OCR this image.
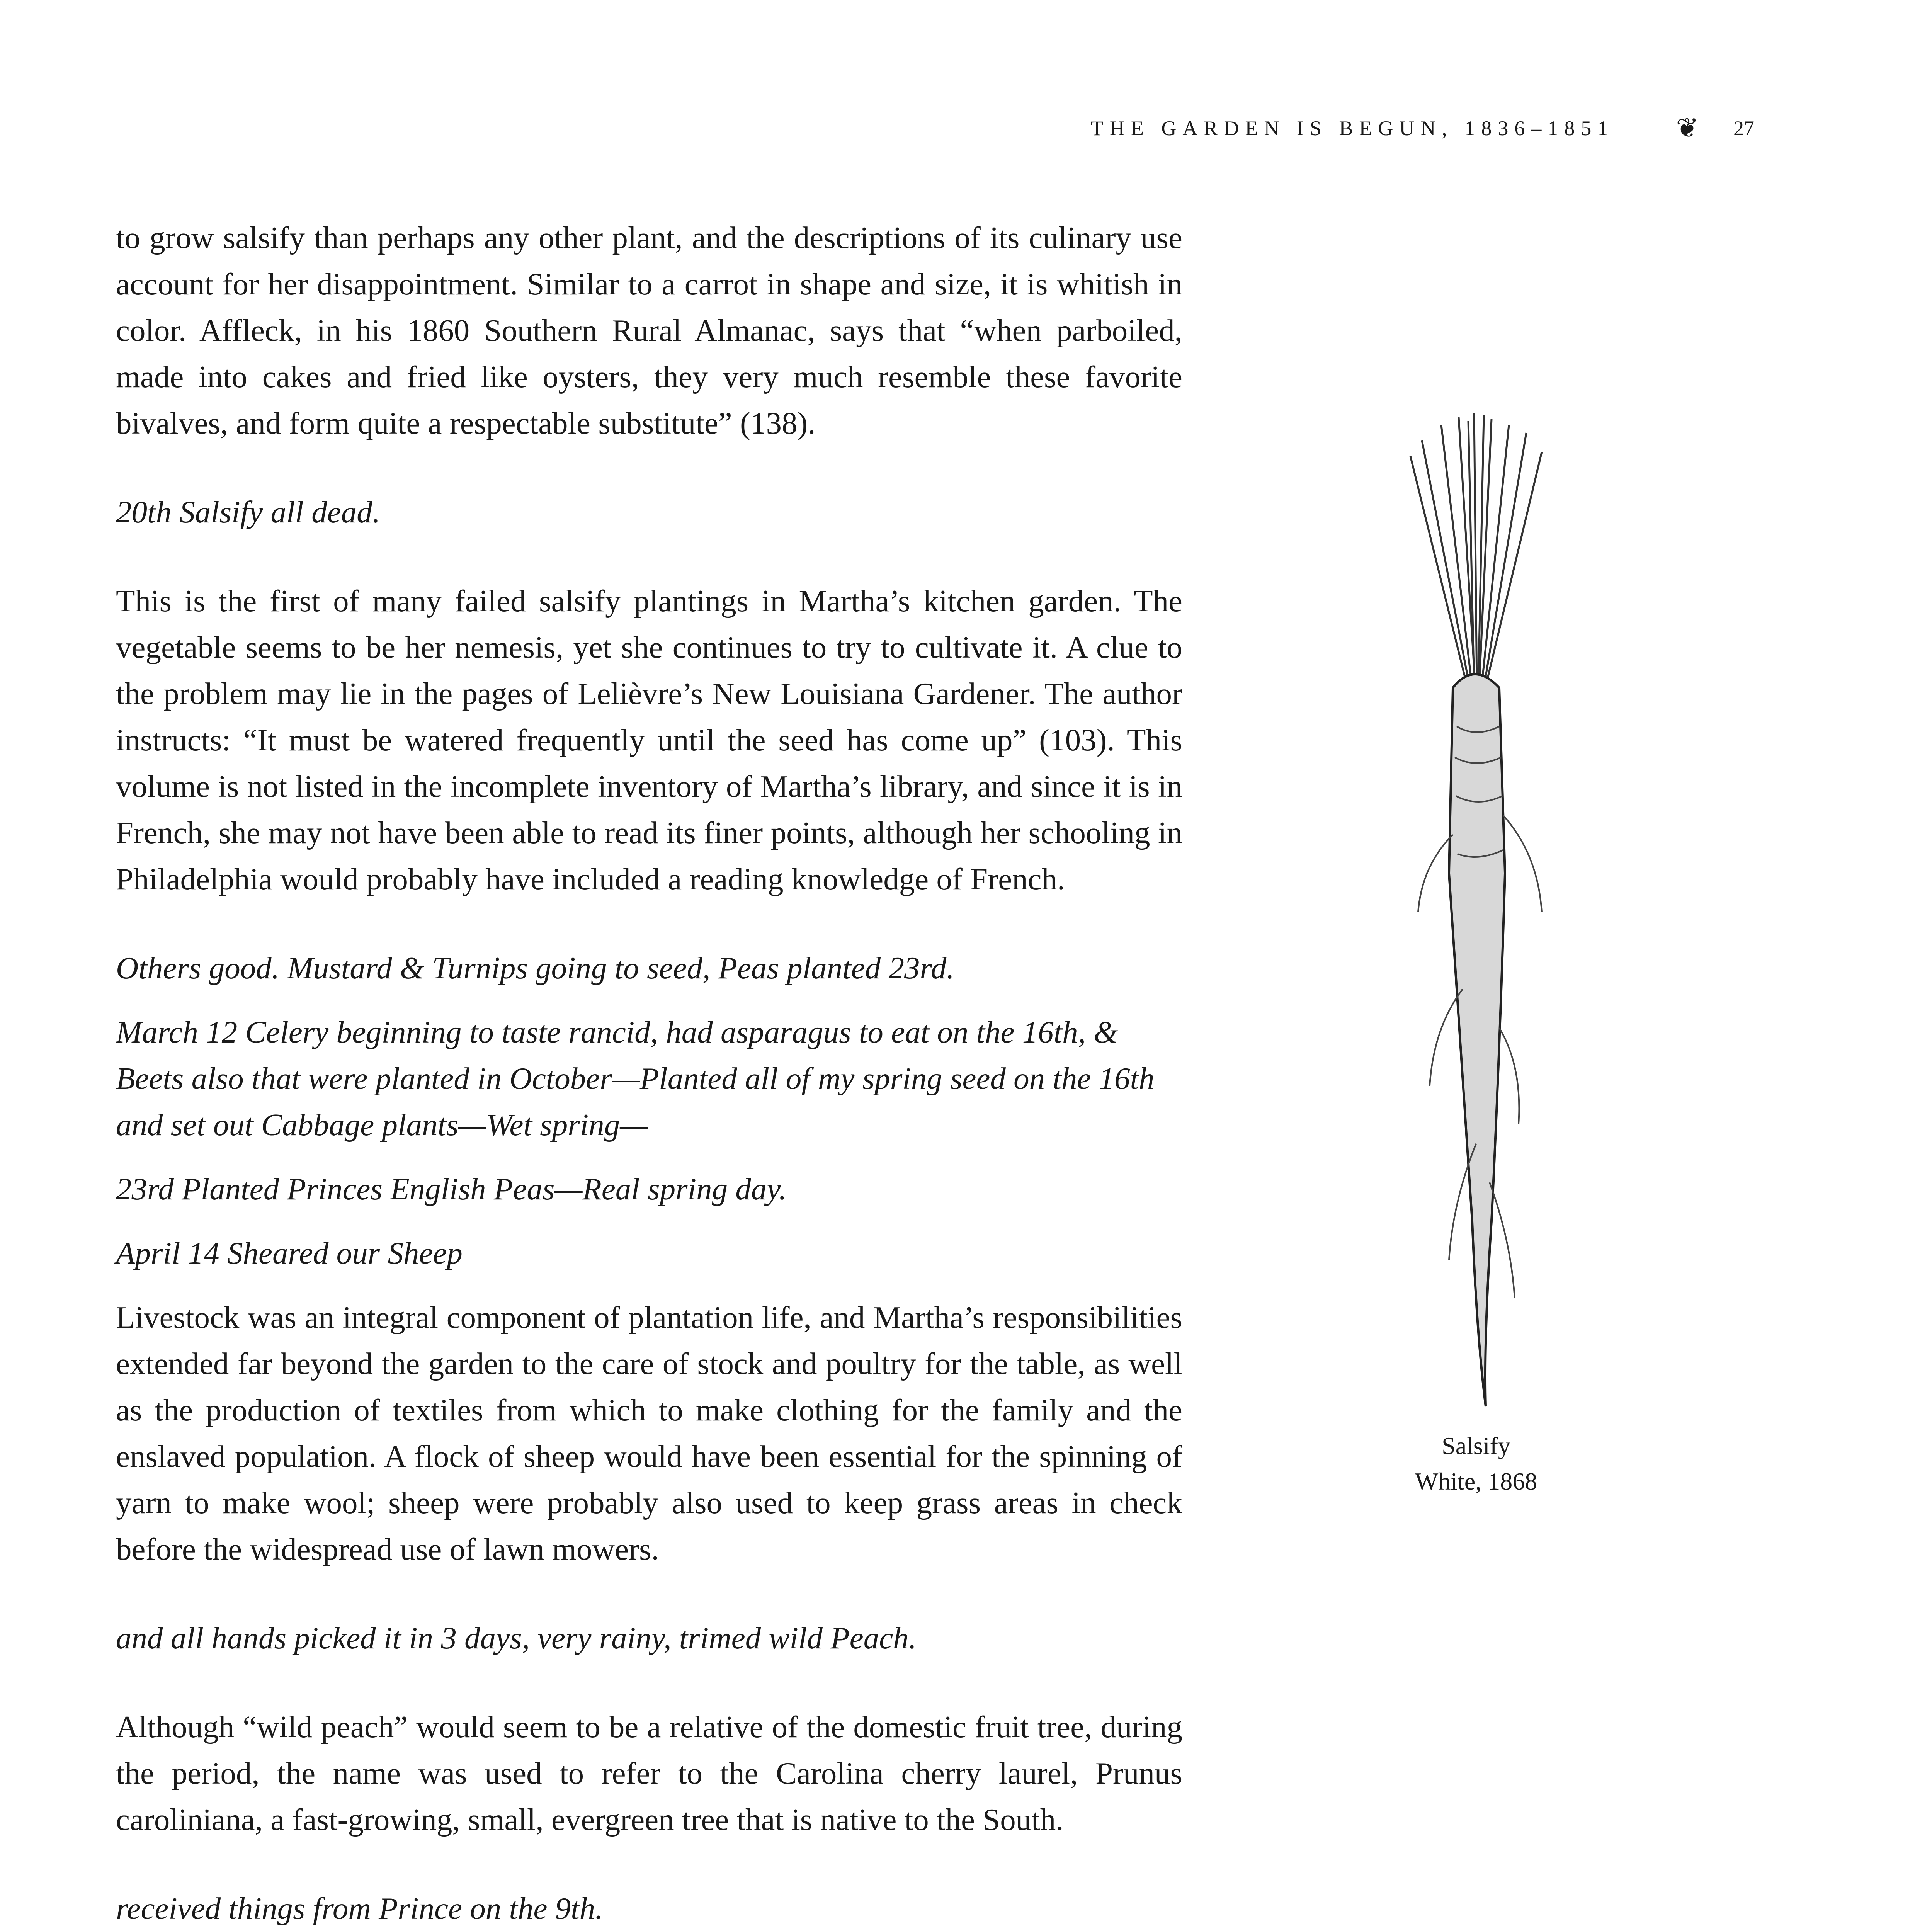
THE GARDEN IS BEGUN, 1836–1851 ❦ 27

to grow salsify than perhaps any other plant, and the descriptions of its culinary use account for her disappointment. Similar to a carrot in shape and size, it is whitish in color. Affleck, in his 1860 Southern Rural Almanac, says that “when parboiled, made into cakes and fried like oysters, they very much resemble these favorite bivalves, and form quite a respectable substitute” (138).

20th Salsify all dead.

This is the first of many failed salsify plantings in Martha’s kitchen garden. The vegetable seems to be her nemesis, yet she continues to try to cultivate it. A clue to the problem may lie in the pages of Lelièvre’s New Louisiana Gardener. The author instructs: “It must be watered frequently until the seed has come up” (103). This volume is not listed in the incomplete inventory of Martha’s library, and since it is in French, she may not have been able to read its finer points, although her schooling in Philadelphia would probably have included a reading knowledge of French.

Others good. Mustard & Turnips going to seed, Peas planted 23rd.

March 12 Celery beginning to taste rancid, had asparagus to eat on the 16th, & Beets also that were planted in October—Planted all of my spring seed on the 16th and set out Cabbage plants—Wet spring—

23rd Planted Princes English Peas—Real spring day.

April 14 Sheared our Sheep

Livestock was an integral component of plantation life, and Martha’s responsibilities extended far beyond the garden to the care of stock and poultry for the table, as well as the production of textiles from which to make clothing for the family and the enslaved population. A flock of sheep would have been essential for the spinning of yarn to make wool; sheep were probably also used to keep grass areas in check before the widespread use of lawn mowers.

and all hands picked it in 3 days, very rainy, trimed wild Peach.

Although “wild peach” would seem to be a relative of the domestic fruit tree, during the period, the name was used to refer to the Carolina cherry laurel, Prunus caroliniana, a fast-growing, small, evergreen tree that is native to the South.

received things from Prince on the 9th.

Salsify
White, 1868
